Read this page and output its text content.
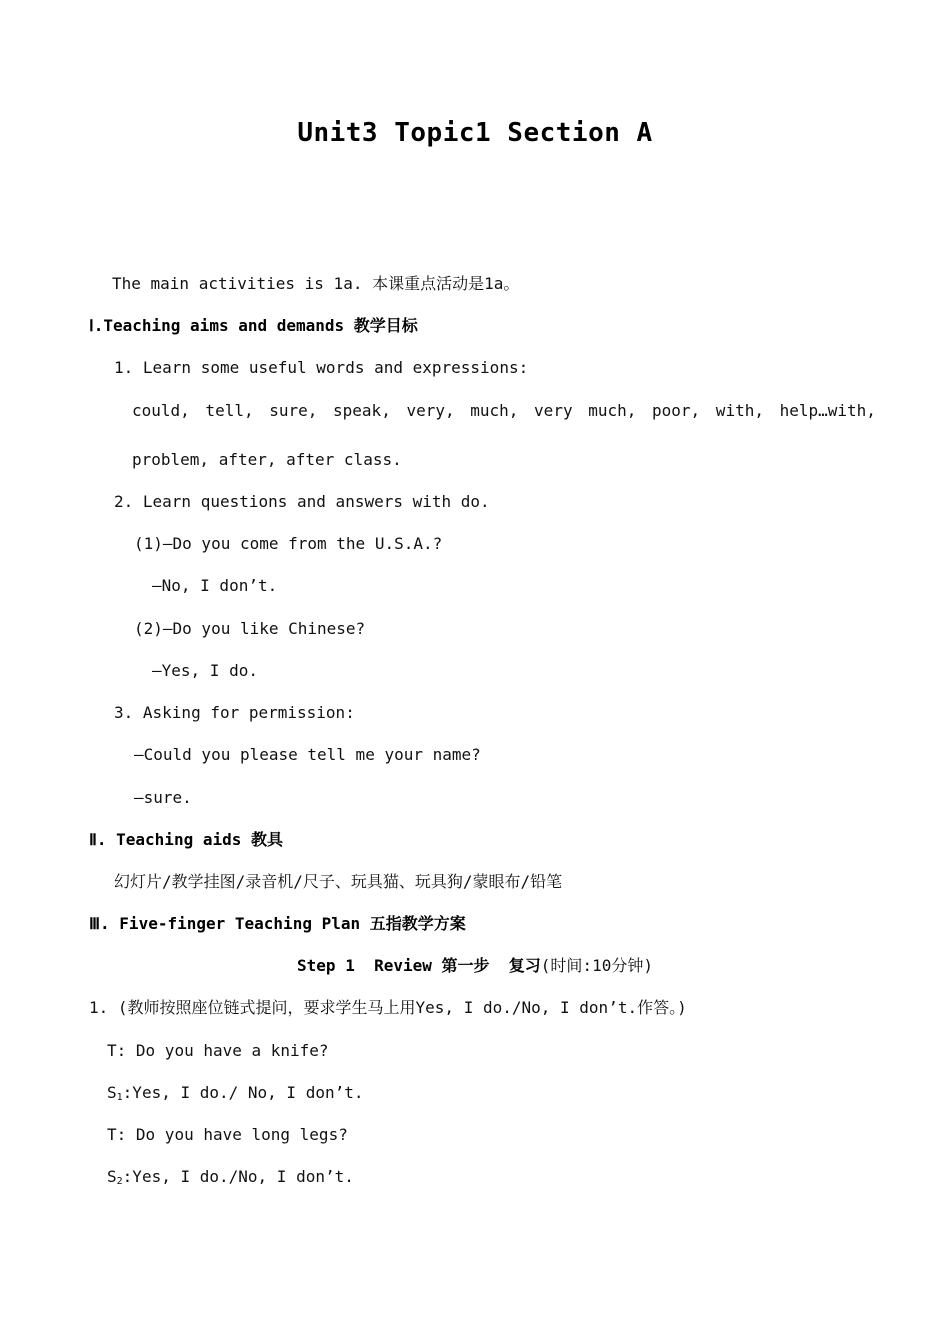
Unit3 Topic1 Section A
The main activities is 1a. 本课重点活动是1a。
Ⅰ.Teaching aims and demands 教学目标
1. Learn some useful words and expressions:
could, tell, sure, speak, very, much, very much, poor, with, help…with,
problem, after, after class.
2. Learn questions and answers with do.
(1)—Do you come from the U.S.A.?
—No, I don’t.
(2)—Do you like Chinese?
—Yes, I do.
3. Asking for permission:
—Could you please tell me your name?
—sure.
Ⅱ. Teaching aids 教具
幻灯片/教学挂图/录音机/尺子、玩具猫、玩具狗/蒙眼布/铅笔
Ⅲ. Five-finger Teaching Plan 五指教学方案
Step 1  Review 第一步  复习(时间:10分钟)
1. (教师按照座位链式提问，要求学生马上用Yes, I do./No, I don’t.作答。)
T: Do you have a knife?
$S_1:Yes$, I do./ No, I don’t.
T: Do you have long legs?
$S_2:Yes$, I do./No, I don’t.
